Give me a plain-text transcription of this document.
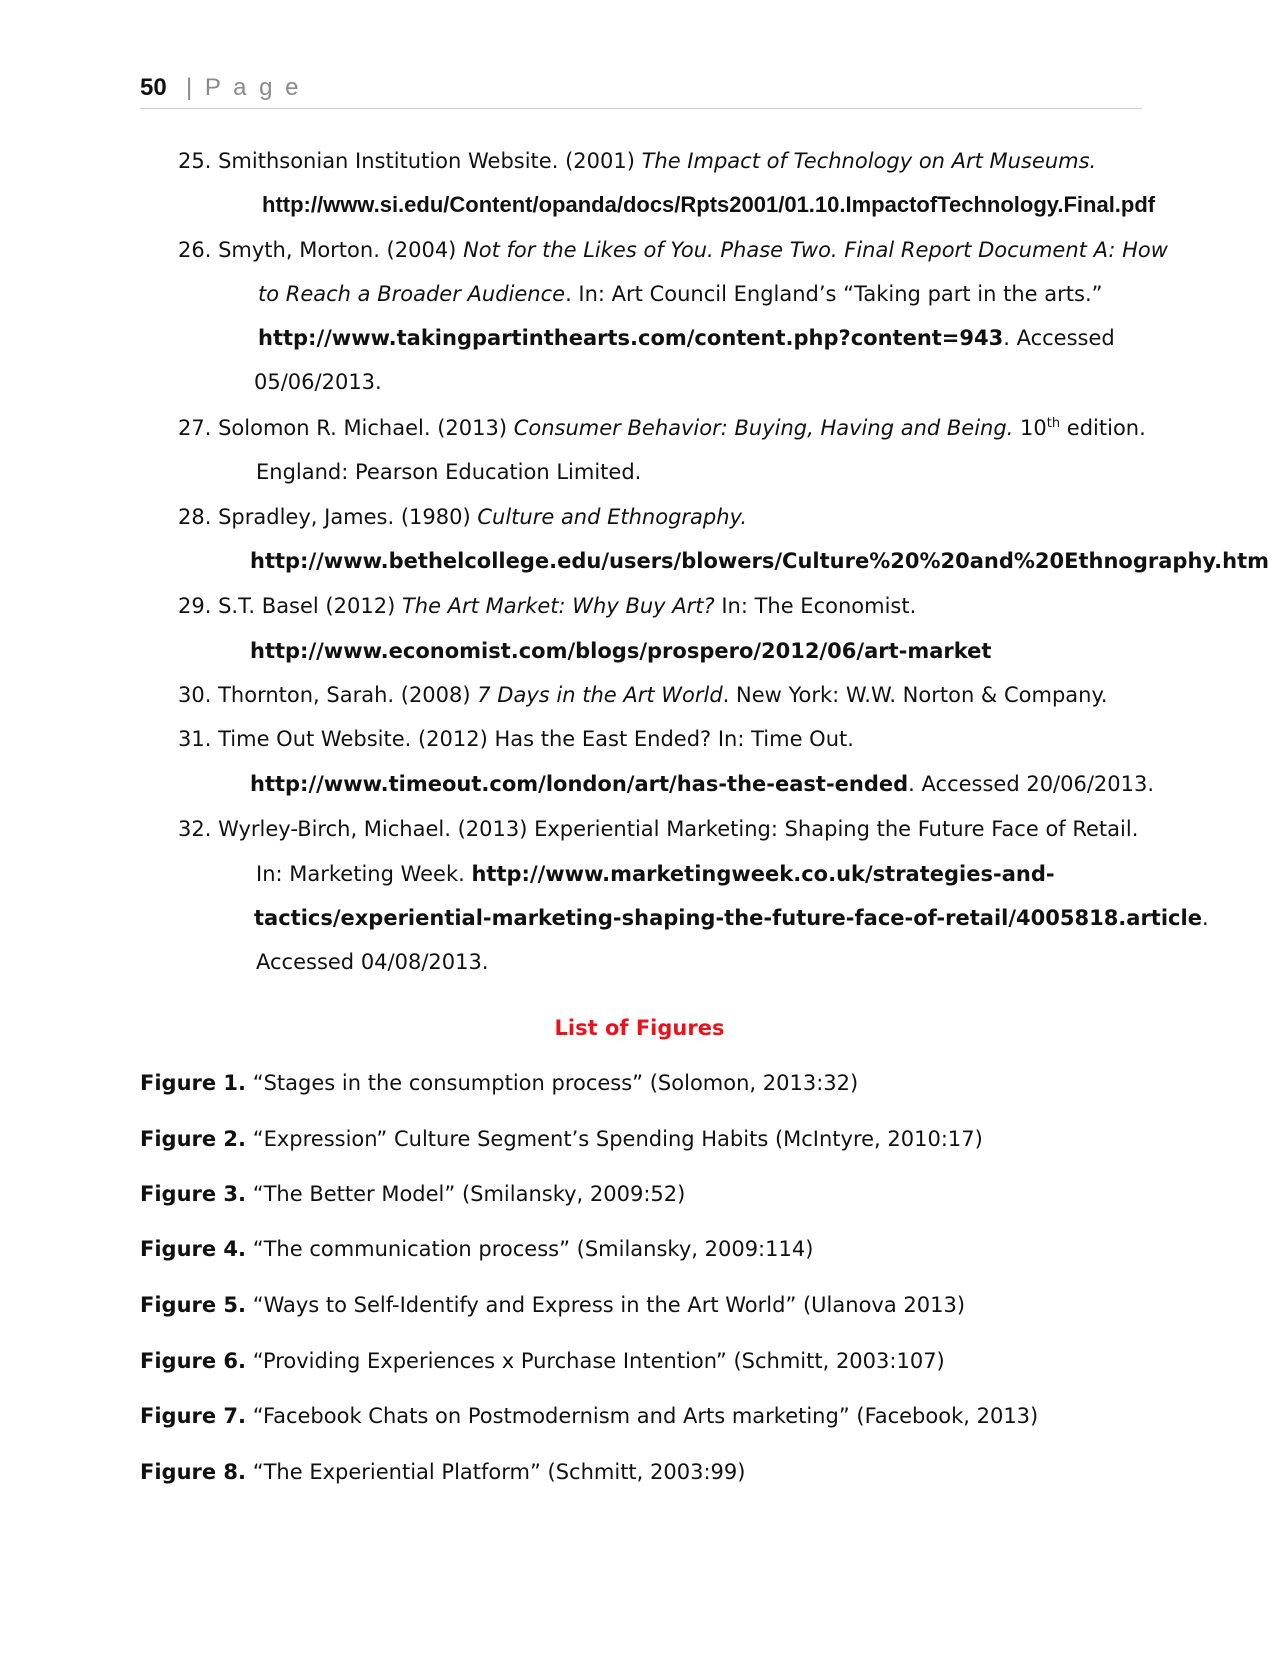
50 | P a g e
25. Smithsonian Institution Website. (2001) The Impact of Technology on Art Museums.
http://www.si.edu/Content/opanda/docs/Rpts2001/01.10.ImpactofTechnology.Final.pdf
26. Smyth, Morton. (2004) Not for the Likes of You. Phase Two. Final Report Document A: How
to Reach a Broader Audience. In: Art Council England’s “Taking part in the arts.”
http://www.takingpartinthearts.com/content.php?content=943. Accessed
05/06/2013.
27. Solomon R. Michael. (2013) Consumer Behavior: Buying, Having and Being. 10th edition.
England: Pearson Education Limited.
28. Spradley, James. (1980) Culture and Ethnography.
http://www.bethelcollege.edu/users/blowers/Culture%20%20and%20Ethnography.htm
29. S.T. Basel (2012) The Art Market: Why Buy Art? In: The Economist.
http://www.economist.com/blogs/prospero/2012/06/art-market
30. Thornton, Sarah. (2008) 7 Days in the Art World. New York: W.W. Norton & Company.
31. Time Out Website. (2012) Has the East Ended? In: Time Out.
http://www.timeout.com/london/art/has-the-east-ended. Accessed 20/06/2013.
32. Wyrley-Birch, Michael. (2013) Experiential Marketing: Shaping the Future Face of Retail.
In: Marketing Week. http://www.marketingweek.co.uk/strategies-and-
tactics/experiential-marketing-shaping-the-future-face-of-retail/4005818.article.
Accessed 04/08/2013.
List of Figures
Figure 1. “Stages in the consumption process” (Solomon, 2013:32)
Figure 2. “Expression” Culture Segment’s Spending Habits (McIntyre, 2010:17)
Figure 3. “The Better Model” (Smilansky, 2009:52)
Figure 4. “The communication process” (Smilansky, 2009:114)
Figure 5. “Ways to Self-Identify and Express in the Art World” (Ulanova 2013)
Figure 6. “Providing Experiences x Purchase Intention” (Schmitt, 2003:107)
Figure 7. “Facebook Chats on Postmodernism and Arts marketing” (Facebook, 2013)
Figure 8. “The Experiential Platform” (Schmitt, 2003:99)
